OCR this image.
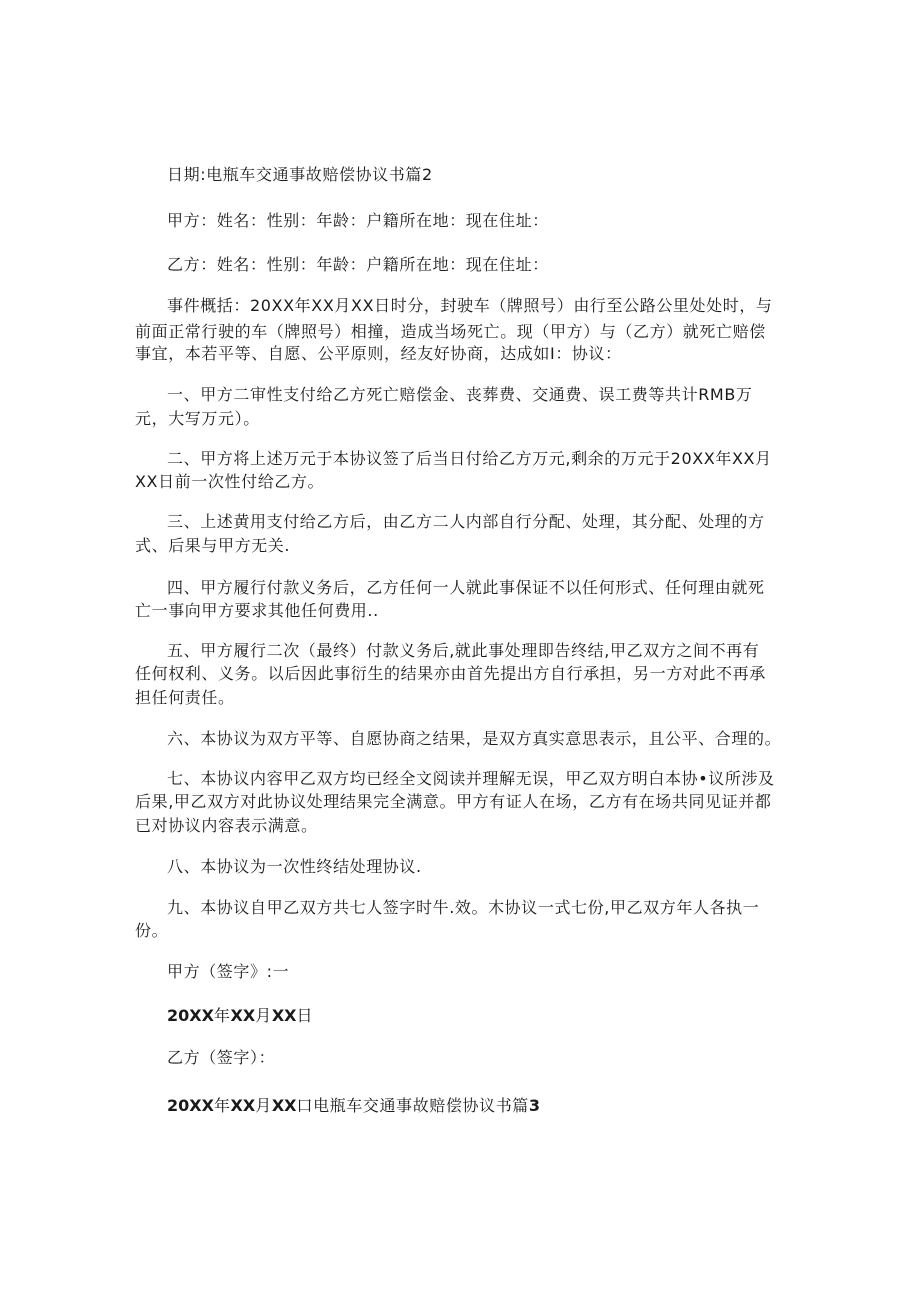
日期:电瓶车交通事故赔偿协议书篇2
甲方：姓名：性别：年龄：户籍所在地：现在住址：
乙方：姓名：性别：年龄：户籍所在地：现在住址：
事件概括：20XX年XX月XX日时分，封驶车（牌照号）由行至公路公里处处时，与
前面正常行驶的车（牌照号）相撞，造成当场死亡。现（甲方）与（乙方）就死亡赔偿
事宜，本若平等、自愿、公平原则，经友好协商，达成如I：协议：
一、甲方二审性支付给乙方死亡赔偿金、丧葬费、交通费、误工费等共计RMB万
元，大写万元）。
二、甲方将上述万元于本协议签了后当日付给乙方万元,剩余的万元于20XX年XX月
XX日前一次性付给乙方。
三、上述黄用支付给乙方后，由乙方二人内部自行分配、处理，其分配、处理的方
式、后果与甲方无关.
四、甲方履行付款义务后，乙方任何一人就此事保证不以任何形式、任何理由就死
亡一事向甲方要求其他任何费用..
五、甲方履行二次（最终）付款义务后,就此事处理即告终结,甲乙双方之间不再有
任何权利、义务。以后因此事衍生的结果亦由首先提出方自行承担，另一方对此不再承
担任何责任。
六、本协议为双方平等、自愿协商之结果，是双方真实意思表示，且公平、合理的。
七、本协议内容甲乙双方均已经全文阅读并理解无误，甲乙双方明白本协•议所涉及
后果,甲乙双方对此协议处理结果完全满意。甲方有证人在场，乙方有在场共同见证并都
已对协议内容表示满意。
八、本协议为一次性终结处理协议.
九、本协议自甲乙双方共七人签字时牛.效。木协议一式七份,甲乙双方年人各执一
份。
甲方（签字》:一
20XX年XX月XX日
乙方（签字）：
20XX年XX月XX口电瓶车交通事故赔偿协议书篇3
